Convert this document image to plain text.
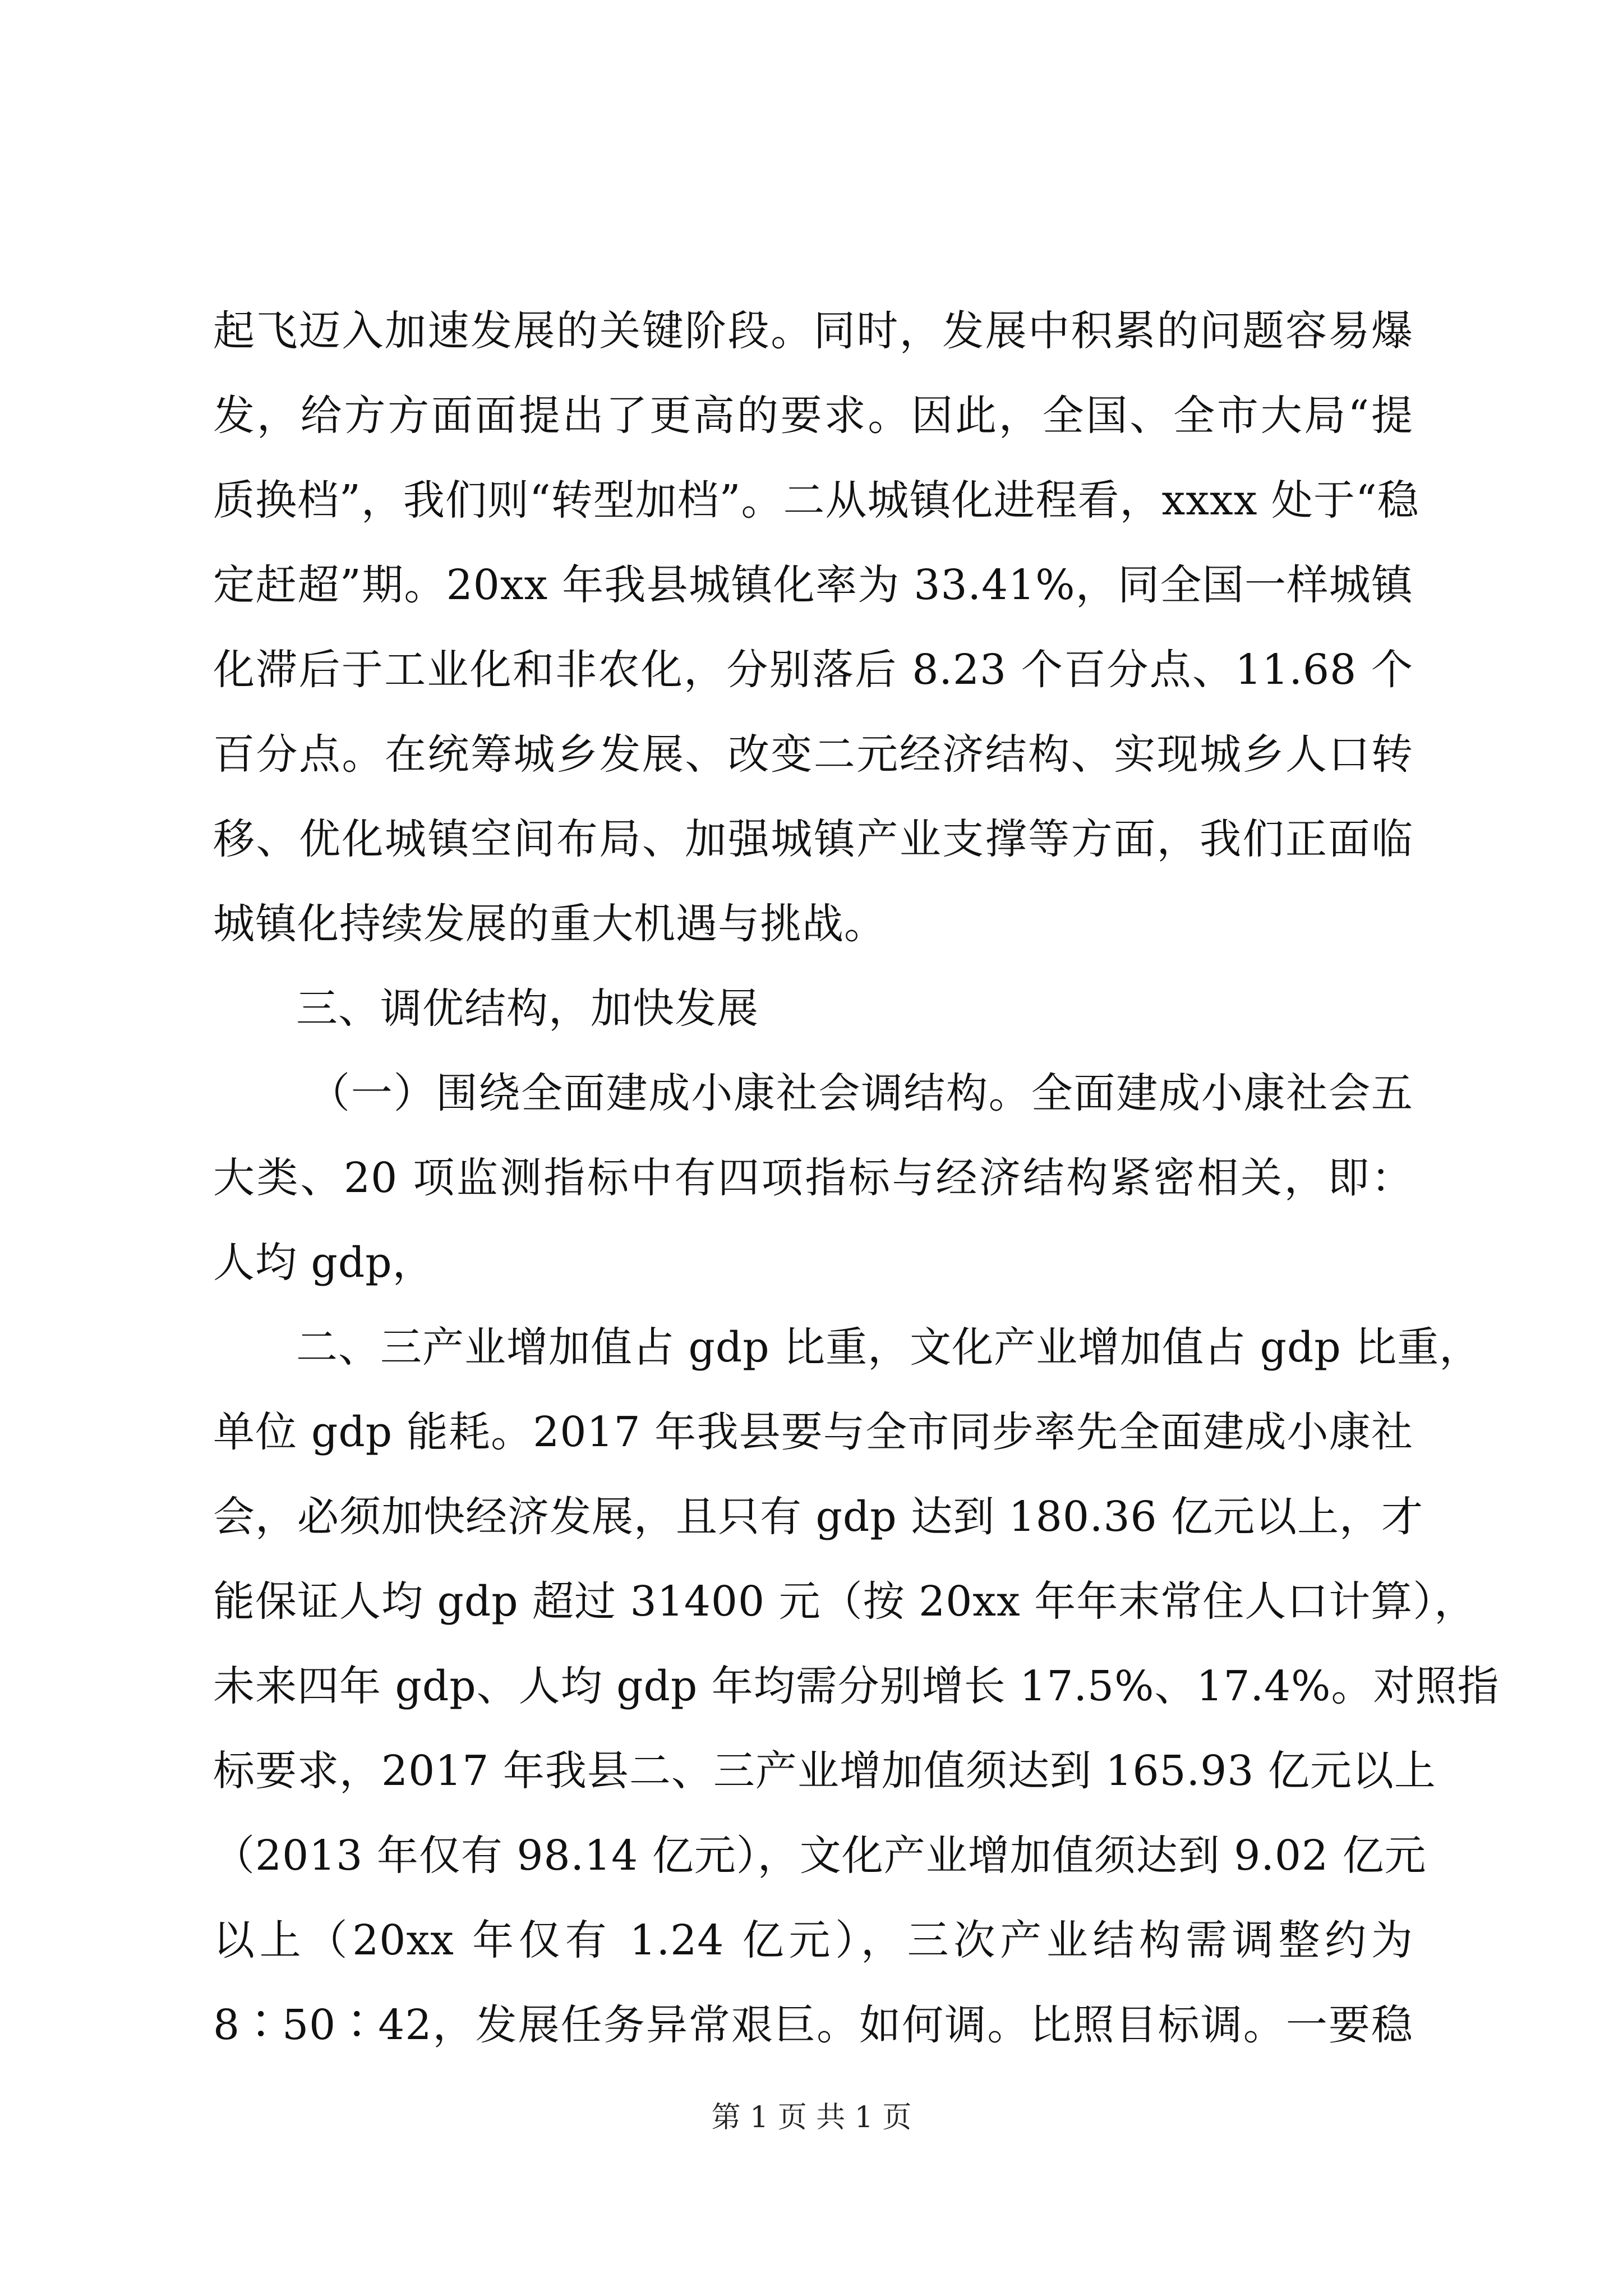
起飞迈入加速发展的关键阶段。同时，发展中积累的问题容易爆
发，给方方面面提出了更高的要求。因此，全国、全市大局“提
质换档”，我们则“转型加档”。二从城镇化进程看，xxxx 处于“稳
定赶超”期。20xx 年我县城镇化率为 33.41%，同全国一样城镇
化滞后于工业化和非农化，分别落后 8.23 个百分点、11.68 个
百分点。在统筹城乡发展、改变二元经济结构、实现城乡人口转
移、优化城镇空间布局、加强城镇产业支撑等方面，我们正面临
城镇化持续发展的重大机遇与挑战。
三、调优结构，加快发展
（一）围绕全面建成小康社会调结构。全面建成小康社会五
大类、20 项监测指标中有四项指标与经济结构紧密相关，即：
人均 gdp，
二、三产业增加值占 gdp 比重，文化产业增加值占 gdp 比重，
单位 gdp 能耗。2017 年我县要与全市同步率先全面建成小康社
会，必须加快经济发展，且只有 gdp 达到 180.36 亿元以上，才
能保证人均 gdp 超过 31400 元（按 20xx 年年末常住人口计算），
未来四年 gdp、人均 gdp 年均需分别增长 17.5%、17.4%。对照指
标要求，2017 年我县二、三产业增加值须达到 165.93 亿元以上
（2013 年仅有 98.14 亿元），文化产业增加值须达到 9.02 亿元
以上（20xx 年仅有 1.24 亿元），三次产业结构需调整约为
8∶50∶42，发展任务异常艰巨。如何调。比照目标调。一要稳
第 1 页 共 1 页
